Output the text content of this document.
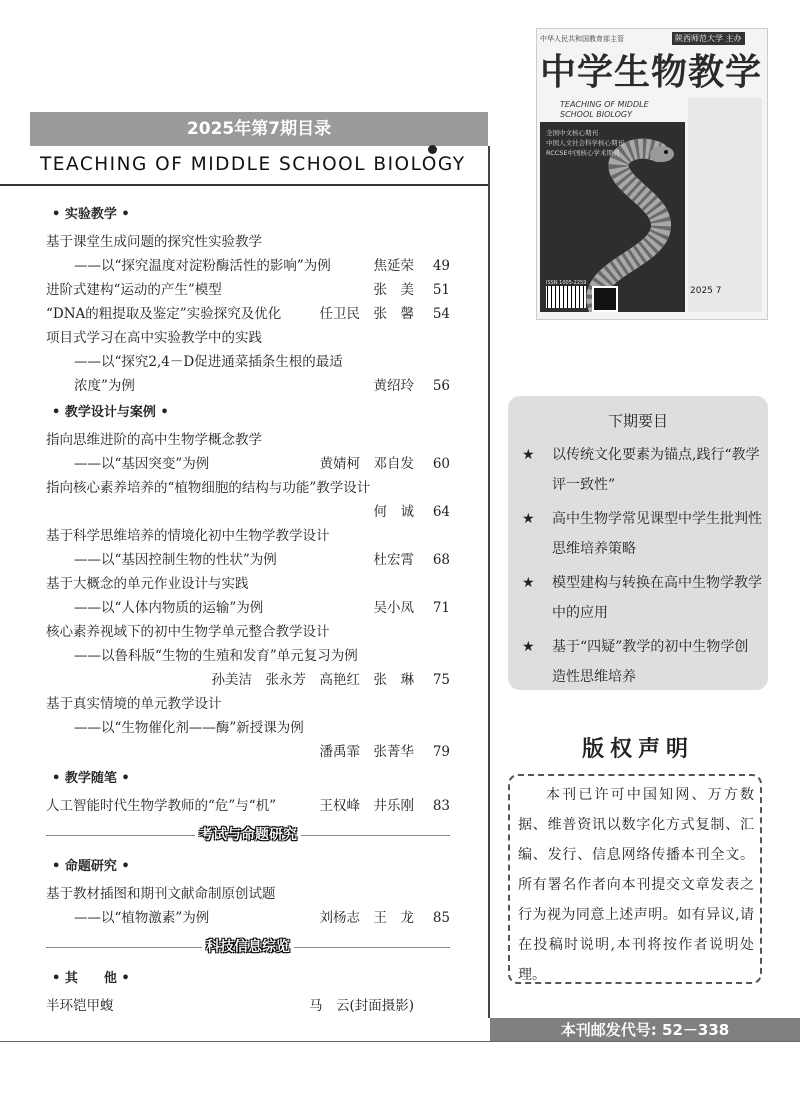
2025年第7期目录
TEACHING OF MIDDLE SCHOOL BIOLOGY
• 实验教学 •
基于课堂生成问题的探究性实验教学
——以“探究温度对淀粉酶活性的影响”为例	焦延荣	49
进阶式建构“运动的产生”模型	张　美	51
“DNA的粗提取及鉴定”实验探究及优化	任卫民　张　馨	54
项目式学习在高中实验教学中的实践
——以“探究2,4－D促进通菜插条生根的最适
浓度”为例	黄绍玲	56
• 教学设计与案例 •
指向思维进阶的高中生物学概念教学
——以“基因突变”为例	黄婧柯　邓自发	60
指向核心素养培养的“植物细胞的结构与功能”教学设计
何　诚	64
基于科学思维培养的情境化初中生物学教学设计
——以“基因控制生物的性状”为例	杜宏霄	68
基于大概念的单元作业设计与实践
——以“人体内物质的运输”为例	吴小凤	71
核心素养视域下的初中生物学单元整合教学设计
——以鲁科版“生物的生殖和发育”单元复习为例
孙美洁　张永芳　高艳红　张　琳	75
基于真实情境的单元教学设计
——以“生物催化剂——酶”新授课为例
潘禹霏　张菁华	79
• 教学随笔 •
人工智能时代生物学教师的“危”与“机”	王权峰　井乐刚	83
考试与命题研究
• 命题研究 •
基于教材插图和期刊文献命制原创试题
——以“植物激素”为例	刘杨志　王　龙	85
科技信息综览
• 其　　他 •
半环铠甲蝮	马　云(封面摄影)
中华人民共和国教育部主管	陕西师范大学 主办
中学生物教学
TEACHING OF MIDDLE
SCHOOL BIOLOGY
全国中文核心期刊
中国人文社会科学核心期刊
RCCSE中国核心学术期刊
ISSN 1005-2259
2025 7
下期要目
★ 以传统文化要素为锚点,践行“教学评一致性”
★ 高中生物学常见课型中学生批判性思维培养策略
★ 模型建构与转换在高中生物学教学中的应用
★ 基于“四疑”教学的初中生物学创造性思维培养
版权声明
本刊已许可中国知网、万方数据、维普资讯以数字化方式复制、汇编、发行、信息网络传播本刊全文。所有署名作者向本刊提交文章发表之行为视为同意上述声明。如有异议,请在投稿时说明,本刊将按作者说明处理。
本刊邮发代号: 52－338
